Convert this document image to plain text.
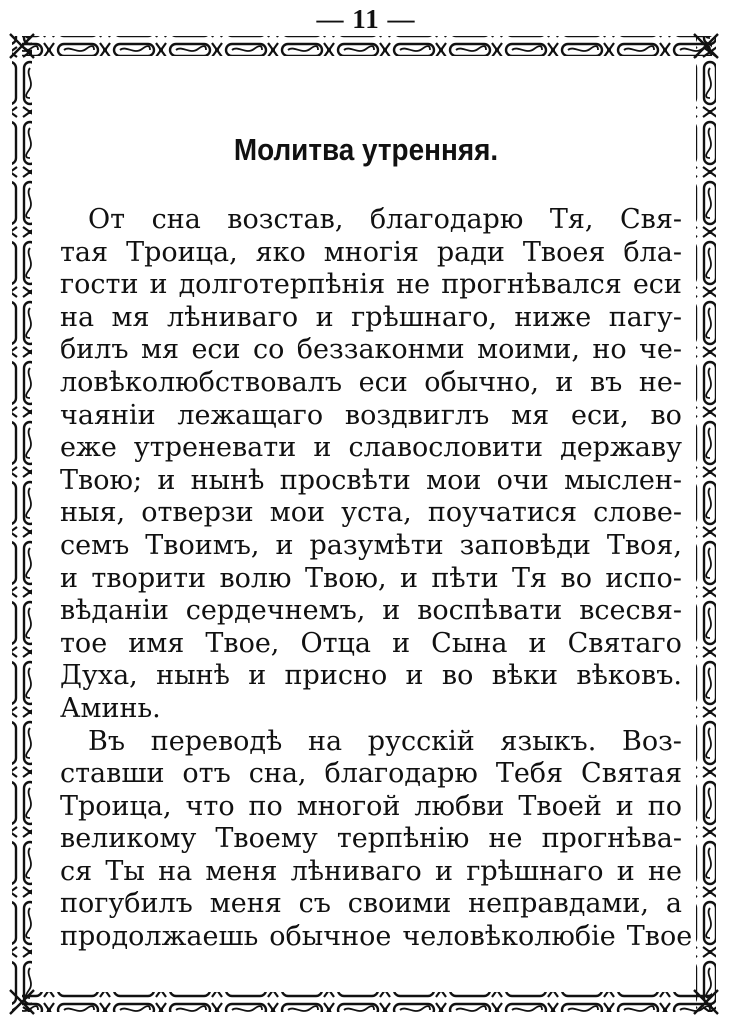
— 11 —
Молитва утренняя.
От сна возстав, благодарю Тя, Свя-
тая Троица, яко многія ради Твоея бла-
гости и долготерпѣнія не прогнѣвался еси
на мя лѣниваго и грѣшнаго, ниже пагу-
билъ мя еси со беззаконми моими, но че-
ловѣколюбствовалъ еси обычно, и въ не-
чаяніи лежащаго воздвиглъ мя еси, во
еже утреневати и славословити державу
Твою; и нынѣ просвѣти мои очи мыслен-
ныя, отверзи мои уста, поучатися слове-
семъ Твоимъ, и разумѣти заповѣди Твоя,
и творити волю Твою, и пѣти Тя во испо-
вѣданіи сердечнемъ, и воспѣвати всесвя-
тое имя Твое, Отца и Сына и Святаго
Духа, нынѣ и присно и во вѣки вѣковъ.
Аминь.
Въ переводѣ на русскій языкъ. Воз-
ставши отъ сна, благодарю Тебя Святая
Троица, что по многой любви Твоей и по
великому Твоему терпѣнію не прогнѣва-
ся Ты на меня лѣниваго и грѣшнаго и не
погубилъ меня съ своими неправдами, а
продолжаешь обычное человѣколюбіе Твое
